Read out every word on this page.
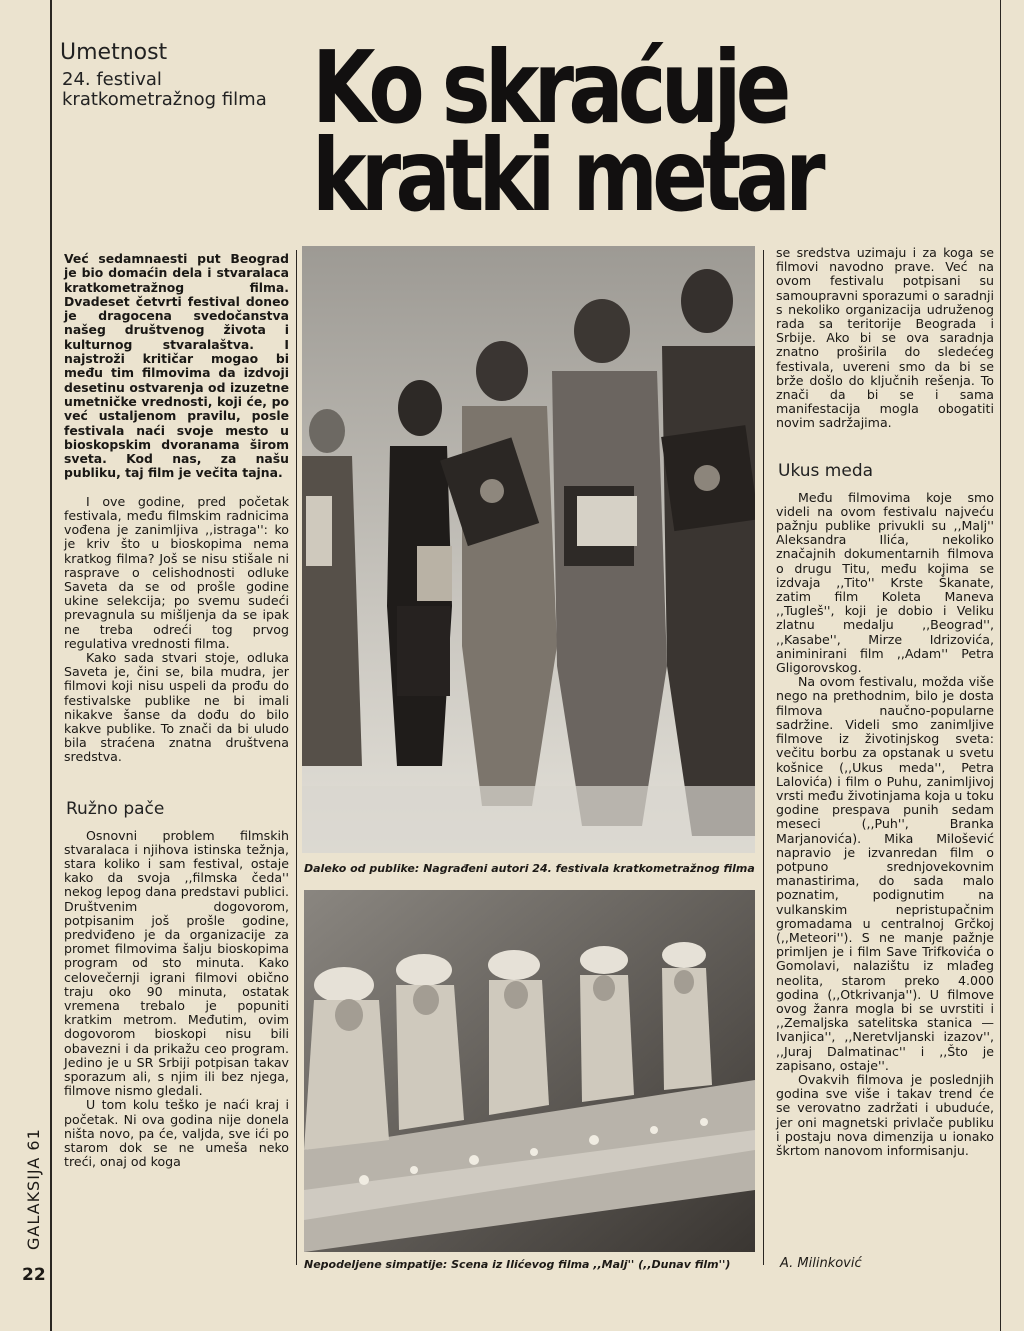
Umetnost
24. festival
kratkometražnog filma Ko skraćuje
kratki metar
GALAKSIJA 61
22

Već sedamnaesti put Beograd je bio domaćin dela i stvaralaca kratkometražnog filma. Dvadeset četvrti festival doneo je dragocena svedočanstva našeg društvenog života i kulturnog stvaralaštva. I najstroži kritičar mogao bi među tim filmovima da izdvoji desetinu ostvarenja od izuzetne umetničke vrednosti, koji će, po već ustaljenom pravilu, posle festivala naći svoje mesto u bioskopskim dvoranama širom sveta. Kod nas, za našu publiku, taj film je večita tajna.

I ove godine, pred početak festivala, među filmskim radnicima vođena je zanimljiva ,,istraga'': ko je kriv što u bioskopima nema kratkog filma? Još se nisu stišale ni rasprave o celishodnosti odluke Saveta da se od prošle godine ukine selekcija; po svemu sudeći prevagnula su mišljenja da se ipak ne treba odreći tog prvog regulativa vrednosti filma.

Kako sada stvari stoje, odluka Saveta je, čini se, bila mudra, jer filmovi koji nisu uspeli da prođu do festivalske publike ne bi imali nikakve šanse da dođu do bilo kakve publike. To znači da bi uludo bila straćena znatna društvena sredstva.

Ružno pače

Osnovni problem filmskih stvaralaca i njihova istinska težnja, stara koliko i sam festival, ostaje kako da svoja ,,filmska čeda'' nekog lepog dana predstavi publici. Društvenim dogovorom, potpisanim još prošle godine, predviđeno je da organizacije za promet filmovima šalju bioskopima program od sto minuta. Kako celovečernji igrani filmovi obično traju oko 90 minuta, ostatak vremena trebalo je popuniti kratkim metrom. Međutim, ovim dogovorom bioskopi nisu bili obavezni i da prikažu ceo program. Jedino je u SR Srbiji potpisan takav sporazum ali, s njim ili bez njega, filmove nismo gledali.

U tom kolu teško je naći kraj i početak. Ni ova godina nije donela ništa novo, pa će, valjda, sve ići po starom dok se ne umeša neko treći, onaj od koga

Daleko od publike: Nagrađeni autori 24. festivala kratkometražnog filma
Nepodeljene simpatije: Scena iz Ilićevog filma ,,Malj'' (,,Dunav film'')

se sredstva uzimaju i za koga se filmovi navodno prave. Već na ovom festivalu potpisani su samoupravni sporazumi o saradnji s nekoliko organizacija udruženog rada sa teritorije Beograda i Srbije. Ako bi se ova saradnja znatno proširila do sledećeg festivala, uvereni smo da bi se brže došlo do ključnih rešenja. To znači da bi se i sama manifestacija mogla obogatiti novim sadržajima.

Ukus meda

Među filmovima koje smo videli na ovom festivalu najveću pažnju publike privukli su ,,Malj'' Aleksandra Ilića, nekoliko značajnih dokumentarnih filmova o drugu Titu, među kojima se izdvaja ,,Tito'' Krste Škanate, zatim film Koleta Maneva ,,Tugleš'', koji je dobio i Veliku zlatnu medalju ,,Beograd'', ,,Kasabe'', Mirze Idrizovića, animinirani film ,,Adam'' Petra Gligorovskog.

Na ovom festivalu, možda više nego na prethodnim, bilo je dosta filmova naučno-popularne sadržine. Videli smo zanimljive filmove iz životinjskog sveta: večitu borbu za opstanak u svetu košnice (,,Ukus meda'', Petra Lalovića) i film o Puhu, zanimljivoj vrsti među životinjama koja u toku godine prespava punih sedam meseci (,,Puh'', Branka Marjanovića). Mika Milošević napravio je izvanredan film o potpuno srednjovekovnim manastirima, do sada malo poznatim, podignutim na vulkanskim nepristupačnim gromadama u centralnoj Grčkoj (,,Meteori''). S ne manje pažnje primljen je i film Save Trifkovića o Gomolavi, nalazištu iz mlađeg neolita, starom preko 4.000 godina (,,Otkrivanja''). U filmove ovog žanra mogla bi se uvrstiti i ,,Zemaljska satelitska stanica — Ivanjica'', ,,Neretvljanski izazov'', ,,Juraj Dalmatinac'' i ,,Što je zapisano, ostaje''.

Ovakvih filmova je poslednjih godina sve više i takav trend će se verovatno zadržati i ubuduće, jer oni magnetski privlače publiku i postaju nova dimenzija u ionako škrtom nanovom informisanju.

A. Milinković
